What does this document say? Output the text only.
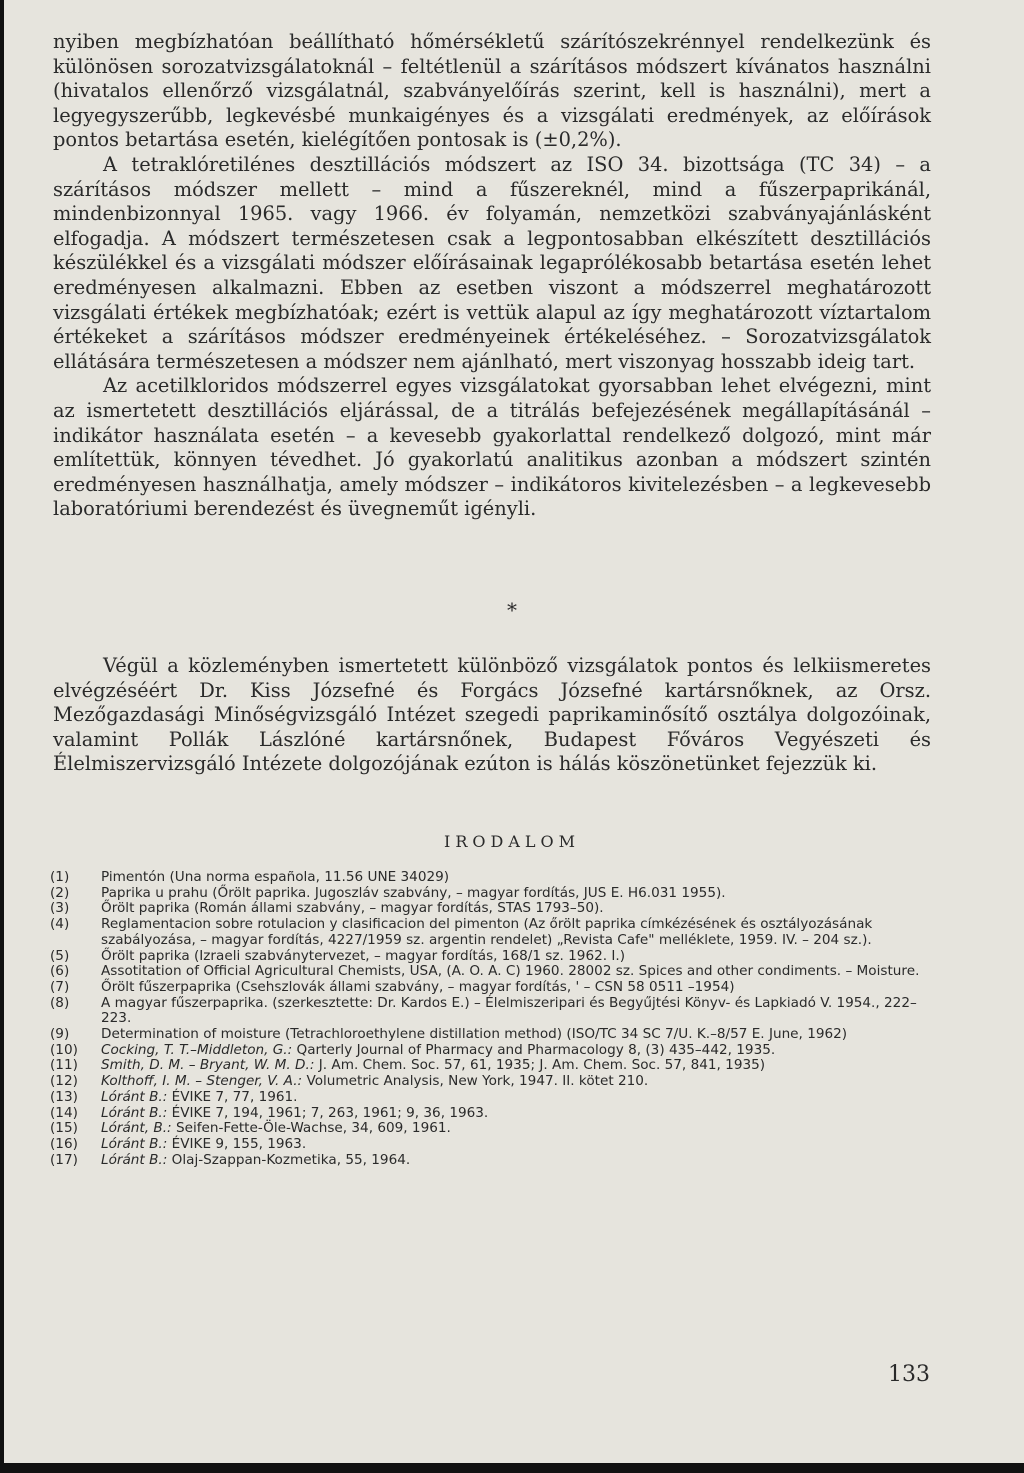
nyiben megbízhatóan beállítható hőmérsékletű szárítószekrénnyel rendelkezünk és különösen sorozatvizsgálatoknál – feltétlenül a szárításos módszert kívánatos használni (hivatalos ellenőrző vizsgálatnál, szabványelőírás szerint, kell is használni), mert a legyegyszerűbb, legkevésbé munkaigényes és a vizsgálati eredmények, az előírások pontos betartása esetén, kielégítően pontosak is (±0,2%).

A tetraklóretilénes desztillációs módszert az ISO 34. bizottsága (TC 34) – a szárításos módszer mellett – mind a fűszereknél, mind a fűszerpaprikánál, mindenbizonnyal 1965. vagy 1966. év folyamán, nemzetközi szabványajánlásként elfogadja. A módszert természetesen csak a legpontosabban elkészített desztillációs készülékkel és a vizsgálati módszer előírásainak legaprólékosabb betartása esetén lehet eredményesen alkalmazni. Ebben az esetben viszont a módszerrel meghatározott vizsgálati értékek megbízhatóak; ezért is vettük alapul az így meghatározott víztartalom értékeket a szárításos módszer eredményeinek értékeléséhez. – Sorozatvizsgálatok ellátására természetesen a módszer nem ajánlható, mert viszonyag hosszabb ideig tart.

Az acetilkloridos módszerrel egyes vizsgálatokat gyorsabban lehet elvégezni, mint az ismertetett desztillációs eljárással, de a titrálás befejezésének megállapításánál – indikátor használata esetén – a kevesebb gyakorlattal rendelkező dolgozó, mint már említettük, könnyen tévedhet. Jó gyakorlatú analitikus azonban a módszert szintén eredményesen használhatja, amely módszer – indikátoros kivitelezésben – a legkevesebb laboratóriumi berendezést és üvegneműt igényli.

*

Végül a közleményben ismertetett különböző vizsgálatok pontos és lelkiismeretes elvégzéséért Dr. Kiss Józsefné és Forgács Józsefné kartársnőknek, az Orsz. Mezőgazdasági Minőségvizsgáló Intézet szegedi paprikaminősítő osztálya dolgozóinak, valamint Pollák Lászlóné kartársnőnek, Budapest Főváros Vegyészeti és Élelmiszervizsgáló Intézete dolgozójának ezúton is hálás köszönetünket fejezzük ki.

IRODALOM
(1)	Pimentón (Una norma española, 11.56 UNE 34029)
(2)	Paprika u prahu (Őrölt paprika. Jugoszláv szabvány, – magyar fordítás, JUS E. H6.031 1955).
(3)	Őrölt paprika (Román állami szabvány, – magyar fordítás, STAS 1793–50).
(4)	Reglamentacion sobre rotulacion y clasificacion del pimenton (Az őrölt paprika címkézésének és osztályozásának szabályozása, – magyar fordítás, 4227/1959 sz. argentin rendelet) „Revista Cafe" melléklete, 1959. IV. – 204 sz.).
(5)	Őrölt paprika (Izraeli szabványtervezet, – magyar fordítás, 168/1 sz. 1962. I.)
(6)	Assotitation of Official Agricultural Chemists, USA, (A. O. A. C) 1960. 28002 sz. Spices and other condiments. – Moisture.
(7)	Őrölt fűszerpaprika (Csehszlovák állami szabvány, – magyar fordítás, ' – CSN 58 0511 –1954)
(8)	A magyar fűszerpaprika. (szerkesztette: Dr. Kardos E.) – Élelmiszeripari és Begyűjtési Könyv- és Lapkiadó V. 1954., 222–223.
(9)	Determination of moisture (Tetrachloroethylene distillation method) (ISO/TC 34 SC 7/U. K.–8/57 E. June, 1962)
(10)	Cocking, T. T.–Middleton, G.: Qarterly Journal of Pharmacy and Pharmacology 8, (3) 435–442, 1935.
(11)	Smith, D. M. – Bryant, W. M. D.: J. Am. Chem. Soc. 57, 61, 1935; J. Am. Chem. Soc. 57, 841, 1935)
(12)	Kolthoff, I. M. – Stenger, V. A.: Volumetric Analysis, New York, 1947. II. kötet 210.
(13)	Lóránt B.: ÉVIKE 7, 77, 1961.
(14)	Lóránt B.: ÉVIKE 7, 194, 1961; 7, 263, 1961; 9, 36, 1963.
(15)	Lóránt, B.: Seifen-Fette-Öle-Wachse, 34, 609, 1961.
(16)	Lóránt B.: ÉVIKE 9, 155, 1963.
(17)	Lóránt B.: Olaj-Szappan-Kozmetika, 55, 1964.
133
